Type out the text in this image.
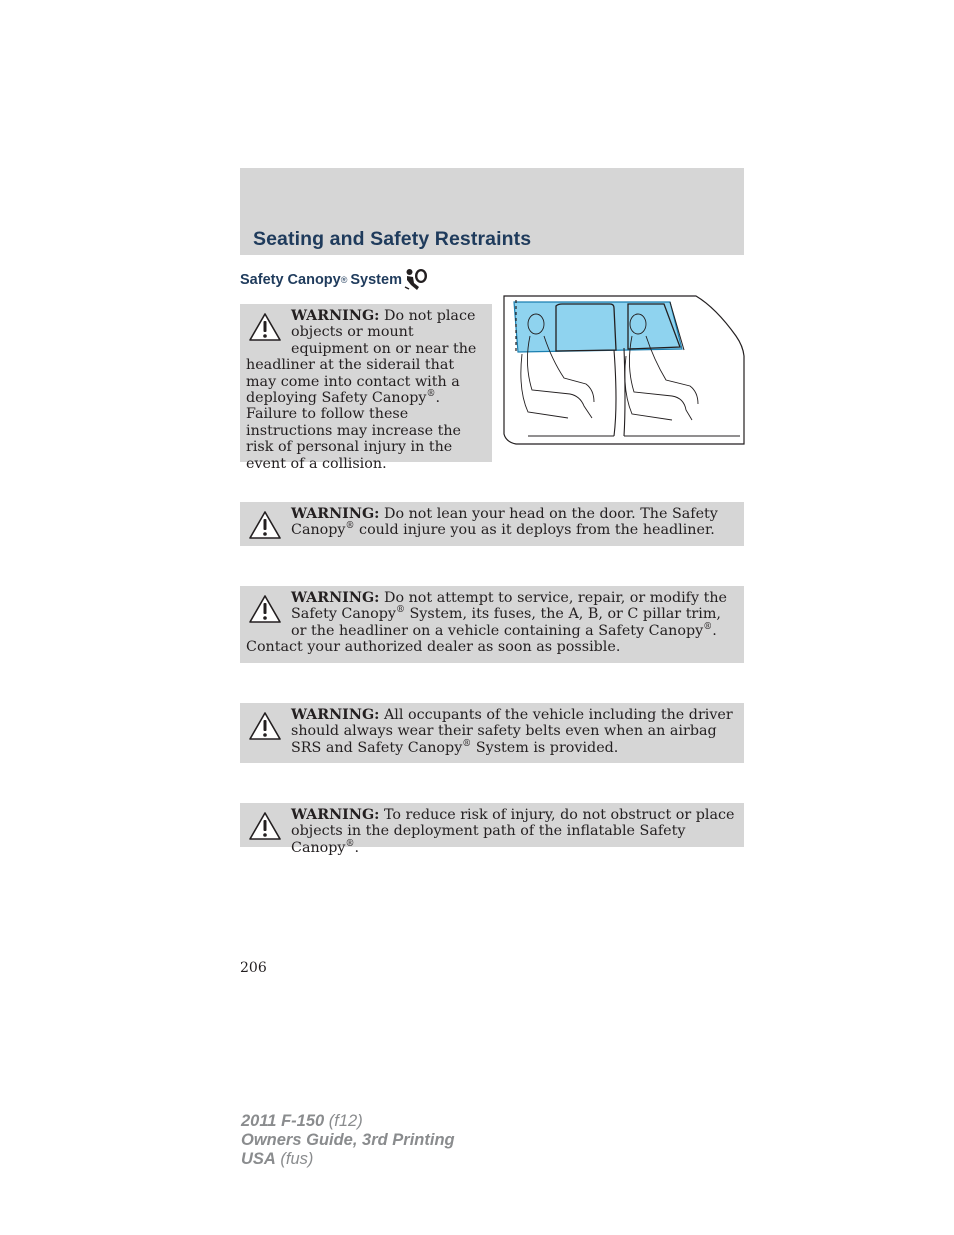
Seating and Safety Restraints
Safety Canopy ® System

WARNING: Do not place objects or mount equipment on or near the headliner at the siderail that may come into contact with a deploying Safety Canopy®. Failure to follow these instructions may increase the risk of personal injury in the event of a collision.

WARNING: Do not lean your head on the door. The Safety Canopy® could injure you as it deploys from the headliner.

WARNING: Do not attempt to service, repair, or modify the Safety Canopy® System, its fuses, the A, B, or C pillar trim, or the headliner on a vehicle containing a Safety Canopy®. Contact your authorized dealer as soon as possible.

WARNING: All occupants of the vehicle including the driver should always wear their safety belts even when an airbag SRS and Safety Canopy® System is provided.

WARNING: To reduce risk of injury, do not obstruct or place objects in the deployment path of the inflatable Safety Canopy®.

206
2011 F-150 (f12)
Owners Guide, 3rd Printing
USA (fus)
